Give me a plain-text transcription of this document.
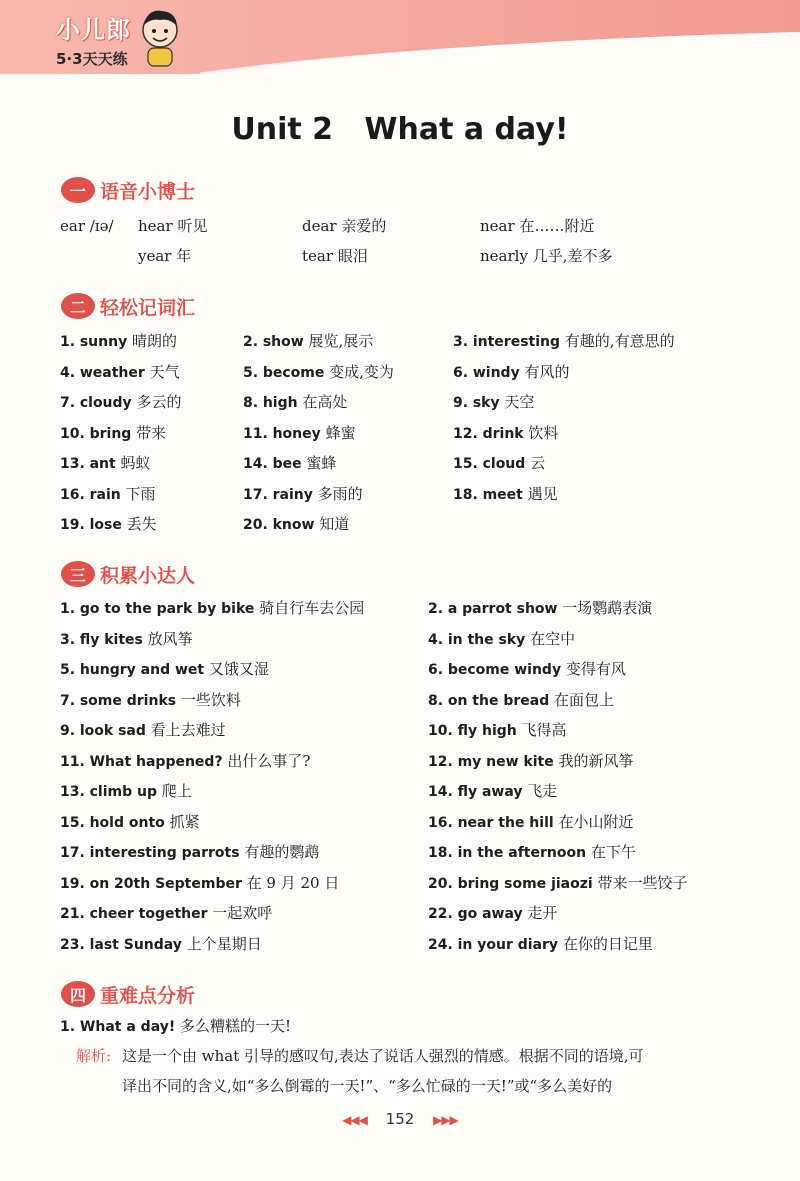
小儿郎
5·3天天练
Unit 2   What a day!
一 语音小博士
ear /ɪə/ hear 听见	dear 亲爱的	near 在……附近
year 年	tear 眼泪	nearly 几乎,差不多
二 轻松记词汇
1. sunny 晴朗的	2. show 展览,展示	3. interesting 有趣的,有意思的
4. weather 天气	5. become 变成,变为	6. windy 有风的
7. cloudy 多云的	8. high 在高处	9. sky 天空
10. bring 带来	11. honey 蜂蜜	12. drink 饮料
13. ant 蚂蚁	14. bee 蜜蜂	15. cloud 云
16. rain 下雨	17. rainy 多雨的	18. meet 遇见
19. lose 丢失	20. know 知道
三 积累小达人
1. go to the park by bike 骑自行车去公园	2. a parrot show 一场鹦鹉表演
3. fly kites 放风筝	4. in the sky 在空中
5. hungry and wet 又饿又湿	6. become windy 变得有风
7. some drinks 一些饮料	8. on the bread 在面包上
9. look sad 看上去难过	10. fly high 飞得高
11. What happened? 出什么事了?	12. my new kite 我的新风筝
13. climb up 爬上	14. fly away 飞走
15. hold onto 抓紧	16. near the hill 在小山附近
17. interesting parrots 有趣的鹦鹉	18. in the afternoon 在下午
19. on 20th September 在 9 月 20 日	20. bring some jiaozi 带来一些饺子
21. cheer together 一起欢呼	22. go away 走开
23. last Sunday 上个星期日	24. in your diary 在你的日记里
四 重难点分析
1. What a day! 多么糟糕的一天!
解析: 这是一个由 what 引导的感叹句,表达了说话人强烈的情感。根据不同的语境,可
译出不同的含义,如“多么倒霉的一天!”、“多么忙碌的一天!”或“多么美好的
◀◀◀ 152 ▶▶▶
